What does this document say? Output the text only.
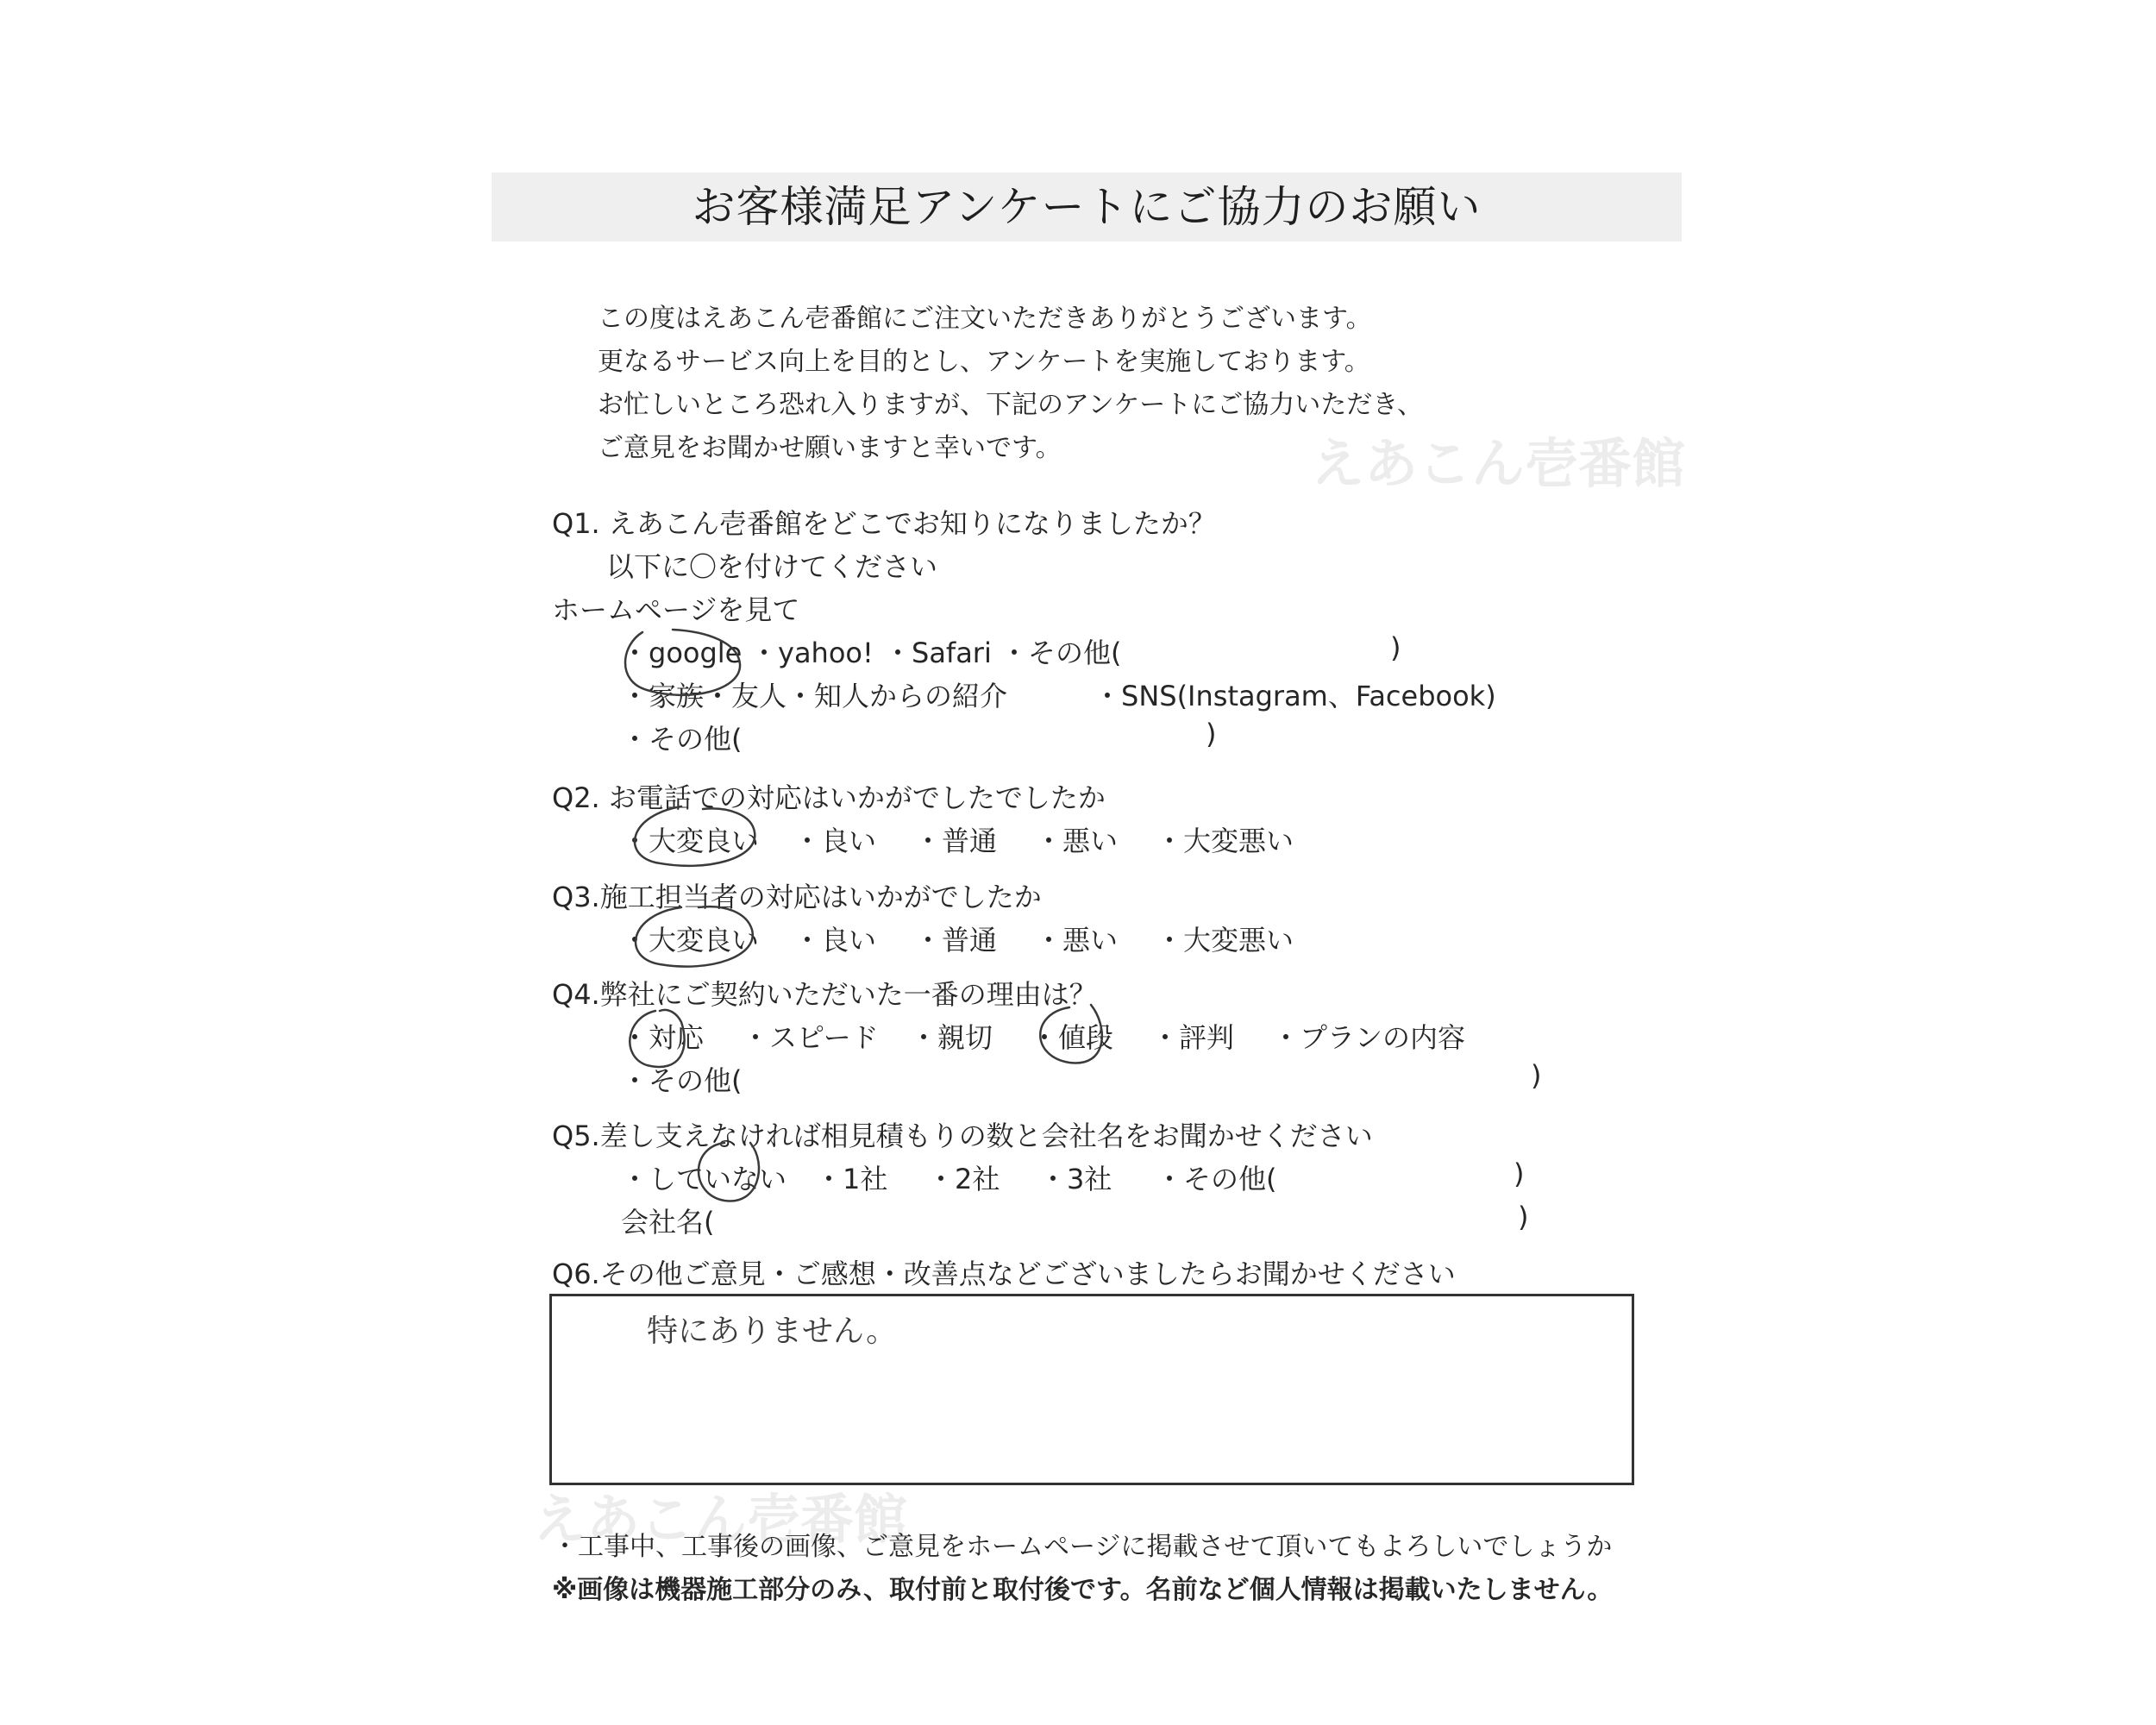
お客様満足アンケートにご協力のお願い
この度はえあこん壱番館にご注文いただきありがとうございます。
更なるサービス向上を目的とし、アンケートを実施しております。
お忙しいところ恐れ入りますが、下記のアンケートにご協力いただき、
ご意見をお聞かせ願いますと幸いです。	えあこん壱番館
えあこん壱番館
Q1. えあこん壱番館をどこでお知りになりましたか？
以下に〇を付けてください
ホームページを見て
・google ・yahoo! ・Safari ・その他(	)
・家族・友人・知人からの紹介	・SNS(Instagram、Facebook)
・その他(	)
Q2. お電話での対応はいかがでしたでしたか
・大変良い ・良い ・普通 ・悪い ・大変悪い
Q3.施工担当者の対応はいかがでしたか
・大変良い ・良い ・普通 ・悪い ・大変悪い
Q4.弊社にご契約いただいた一番の理由は？
・対応 ・スピード ・親切 ・値段 ・評判 ・プランの内容
・その他(	)
Q5.差し支えなければ相見積もりの数と会社名をお聞かせください
・していない ・1社 ・2社 ・3社 ・その他(	)
会社名(	)
Q6.その他ご意見・ご感想・改善点などございましたらお聞かせください
特にありません。
・工事中、工事後の画像、ご意見をホームページに掲載させて頂いてもよろしいでしょうか
※画像は機器施工部分のみ、取付前と取付後です。名前など個人情報は掲載いたしません。
